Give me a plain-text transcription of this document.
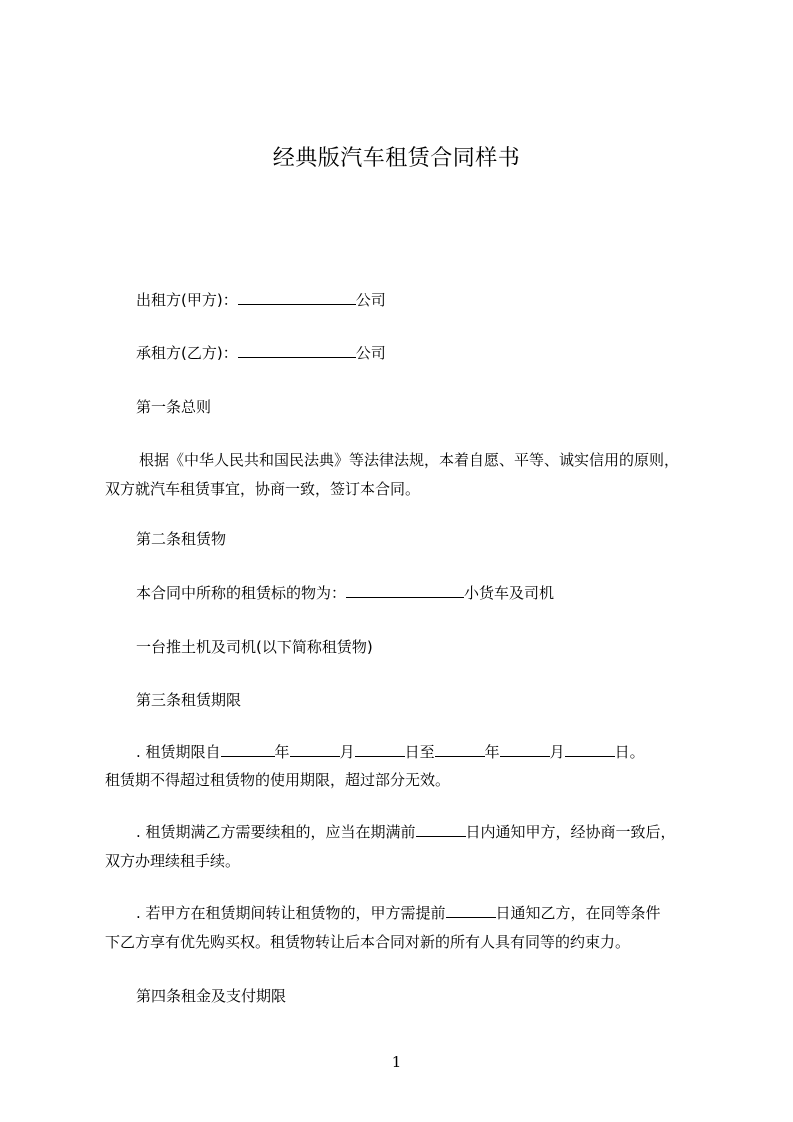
经典版汽车租赁合同样书
出租方(甲方)：	公司
承租方(乙方)：	公司
第一条总则
根据《中华人民共和国民法典》等法律法规，本着自愿、平等、诚实信用的原则，
双方就汽车租赁事宜，协商一致，签订本合同。
第二条租赁物
本合同中所称的租赁标的物为：	小货车及司机
一台推土机及司机(以下简称租赁物)
第三条租赁期限
. 租赁期限自	年	月	日至	年	月	日。
租赁期不得超过租赁物的使用期限，超过部分无效。
. 租赁期满乙方需要续租的，应当在期满前	日内通知甲方，经协商一致后，
双方办理续租手续。
. 若甲方在租赁期间转让租赁物的，甲方需提前	日通知乙方，在同等条件
下乙方享有优先购买权。租赁物转让后本合同对新的所有人具有同等的约束力。
第四条租金及支付期限
1
